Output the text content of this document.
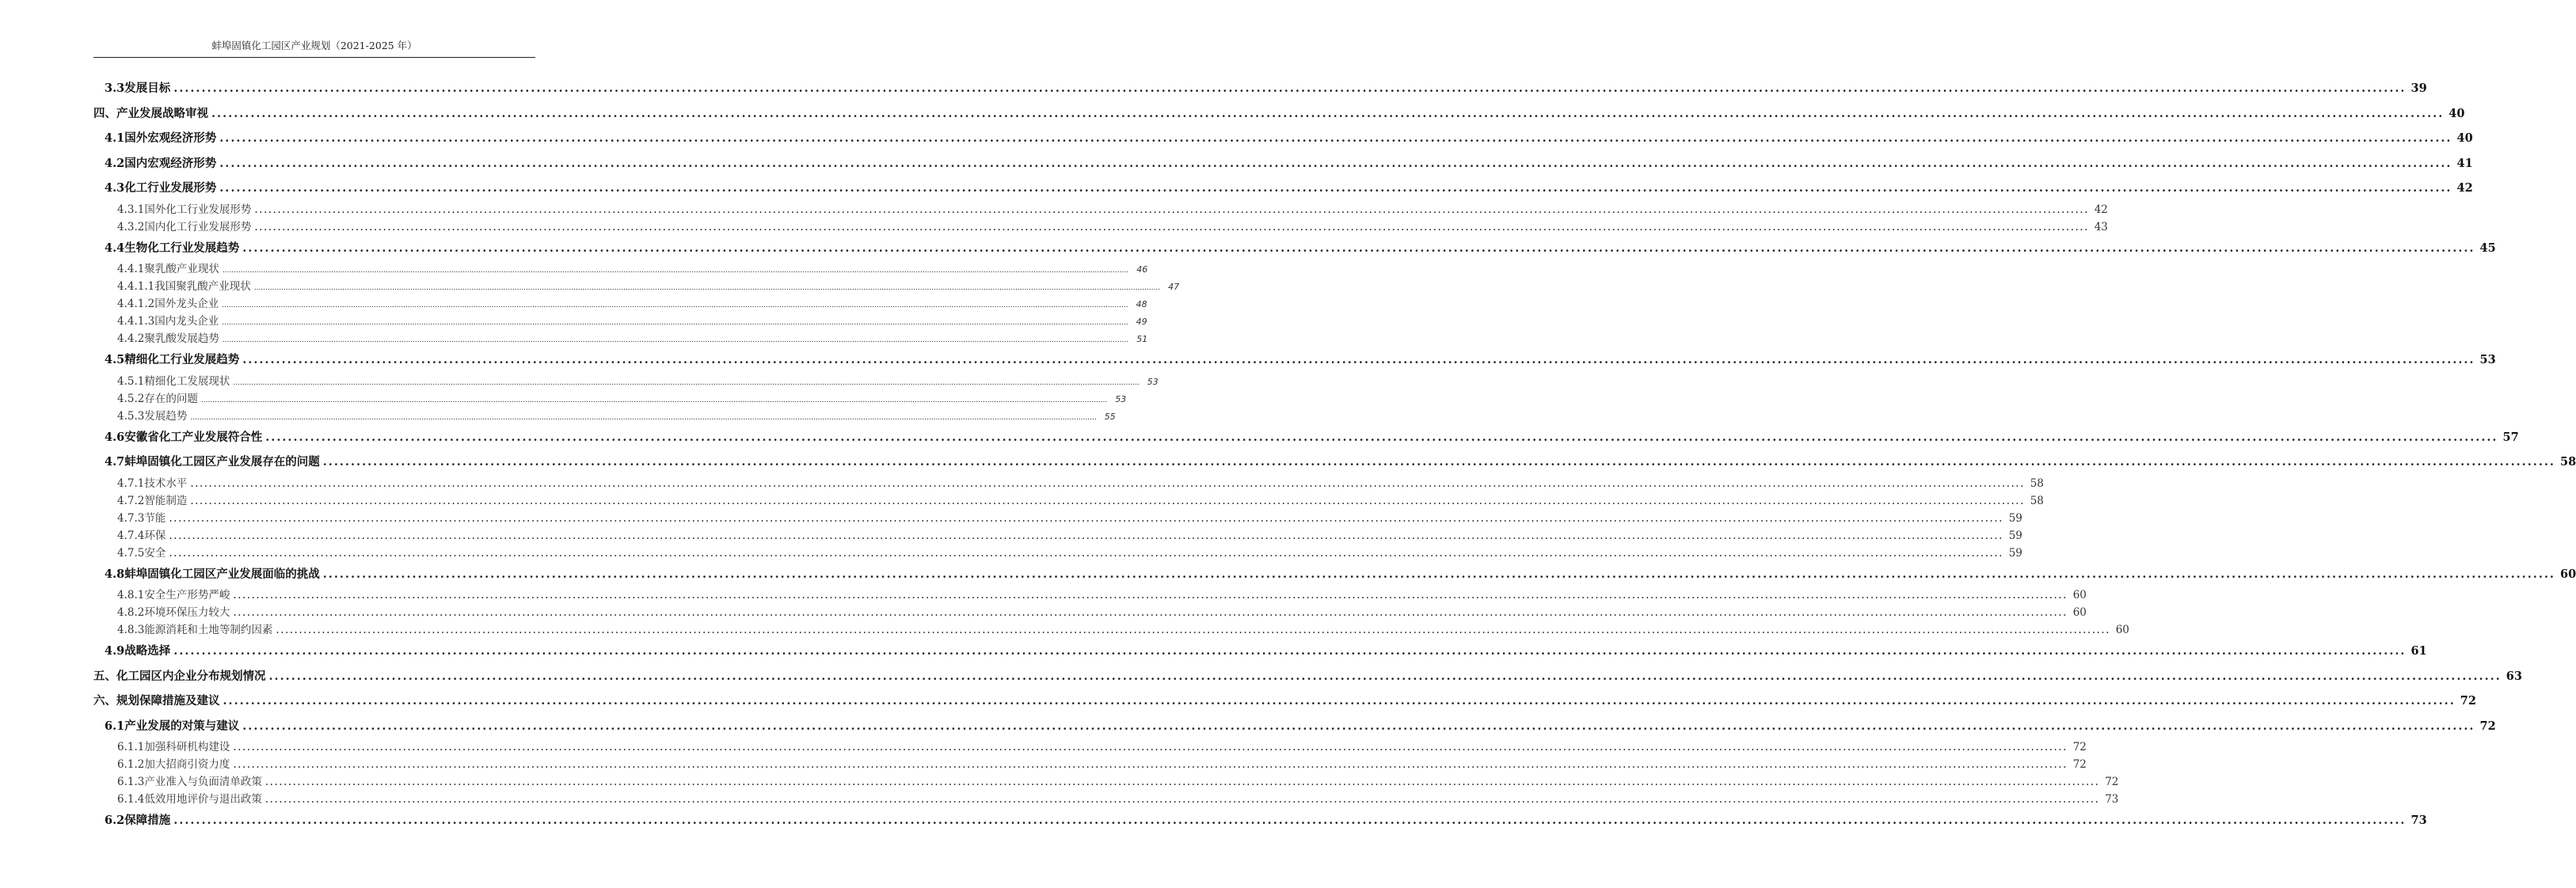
蚌埠固镇化工园区产业规划（2021-2025 年）
3.3 发展目标 ................................................................................................................................................................................................................................................................................................................................................................................................................ 39
四、 产业发展战略审视 ................................................................................................................................................................................................................................................................................................................................................................................................................ 40
4.1 国外宏观经济形势 ................................................................................................................................................................................................................................................................................................................................................................................................................ 40
4.2 国内宏观经济形势 ................................................................................................................................................................................................................................................................................................................................................................................................................ 41
4.3 化工行业发展形势 ................................................................................................................................................................................................................................................................................................................................................................................................................ 42
4.3.1 国外化工行业发展形势 ................................................................................................................................................................................................................................................................................................................................................................................................................ 42
4.3.2 国内化工行业发展形势 ................................................................................................................................................................................................................................................................................................................................................................................................................ 43
4.4 生物化工行业发展趋势 ................................................................................................................................................................................................................................................................................................................................................................................................................ 45
4.4.1 聚乳酸产业现状 ................................................................................................................................................................................................................................................................................................................................................................................................................ 46
4.4.1.1 我国聚乳酸产业现状 ................................................................................................................................................................................................................................................................................................................................................................................................................ 47
4.4.1.2 国外龙头企业 ................................................................................................................................................................................................................................................................................................................................................................................................................ 48
4.4.1.3 国内龙头企业 ................................................................................................................................................................................................................................................................................................................................................................................................................ 49
4.4.2 聚乳酸发展趋势 ................................................................................................................................................................................................................................................................................................................................................................................................................ 51
4.5 精细化工行业发展趋势 ................................................................................................................................................................................................................................................................................................................................................................................................................ 53
4.5.1 精细化工发展现状 ................................................................................................................................................................................................................................................................................................................................................................................................................ 53
4.5.2 存在的问题 ................................................................................................................................................................................................................................................................................................................................................................................................................ 53
4.5.3 发展趋势 ................................................................................................................................................................................................................................................................................................................................................................................................................ 55
4.6 安徽省化工产业发展符合性 ................................................................................................................................................................................................................................................................................................................................................................................................................ 57
4.7 蚌埠固镇化工园区产业发展存在的问题 ................................................................................................................................................................................................................................................................................................................................................................................................................ 58
4.7.1 技术水平 ................................................................................................................................................................................................................................................................................................................................................................................................................ 58
4.7.2 智能制造 ................................................................................................................................................................................................................................................................................................................................................................................................................ 58
4.7.3 节能 ................................................................................................................................................................................................................................................................................................................................................................................................................ 59
4.7.4 环保 ................................................................................................................................................................................................................................................................................................................................................................................................................ 59
4.7.5 安全 ................................................................................................................................................................................................................................................................................................................................................................................................................ 59
4.8 蚌埠固镇化工园区产业发展面临的挑战 ................................................................................................................................................................................................................................................................................................................................................................................................................ 60
4.8.1 安全生产形势严峻 ................................................................................................................................................................................................................................................................................................................................................................................................................ 60
4.8.2 环境环保压力较大 ................................................................................................................................................................................................................................................................................................................................................................................................................ 60
4.8.3 能源消耗和土地等制约因素 ................................................................................................................................................................................................................................................................................................................................................................................................................ 60
4.9 战略选择 ................................................................................................................................................................................................................................................................................................................................................................................................................ 61
五、 化工园区内企业分布规划情况 ................................................................................................................................................................................................................................................................................................................................................................................................................ 63
六、 规划保障措施及建议 ................................................................................................................................................................................................................................................................................................................................................................................................................ 72
6.1 产业发展的对策与建议 ................................................................................................................................................................................................................................................................................................................................................................................................................ 72
6.1.1 加强科研机构建设 ................................................................................................................................................................................................................................................................................................................................................................................................................ 72
6.1.2 加大招商引资力度 ................................................................................................................................................................................................................................................................................................................................................................................................................ 72
6.1.3 产业准入与负面清单政策 ................................................................................................................................................................................................................................................................................................................................................................................................................ 72
6.1.4 低效用地评价与退出政策 ................................................................................................................................................................................................................................................................................................................................................................................................................ 73
6.2 保障措施 ................................................................................................................................................................................................................................................................................................................................................................................................................ 73
